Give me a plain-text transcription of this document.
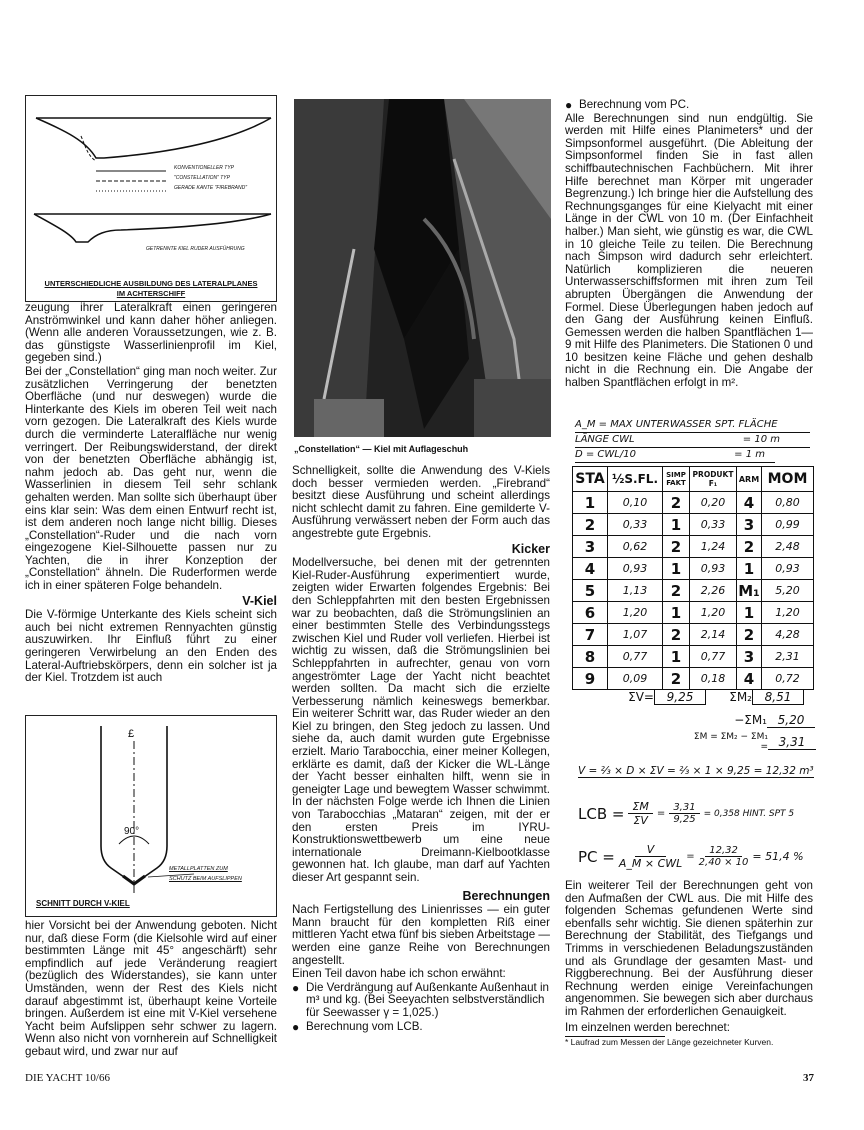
KONVENTIONELLER TYP
"CONSTELLATION" TYP
GERADE KANTE "FIREBRAND"
GETRENNTE KIEL RUDER AUSFÜHRUNG
UNTERSCHIEDLICHE AUSBILDUNG DES LATERALPLANES
IM ACHTERSCHIFF

zeugung ihrer Lateralkraft einen geringeren Anströmwinkel und kann daher höher anliegen. (Wenn alle anderen Voraussetzungen, wie z. B. das günstigste Wasserlinienprofil im Kiel, gegeben sind.)

Bei der „Constellation“ ging man noch weiter. Zur zusätzlichen Verringerung der benetzten Oberfläche (und nur deswegen) wurde die Hinterkante des Kiels im oberen Teil weit nach vorn gezogen. Die Lateralkraft des Kiels wurde durch die verminderte Lateralfläche nur wenig verringert. Der Reibungswiderstand, der direkt von der benetzten Oberfläche abhängig ist, nahm jedoch ab. Das geht nur, wenn die Wasserlinien in diesem Teil sehr schlank gehalten werden. Man sollte sich überhaupt über eins klar sein: Was dem einen Entwurf recht ist, ist dem anderen noch lange nicht billig. Dieses „Constellation“-Ruder und die nach vorn eingezogene Kiel-Silhouette passen nur zu Yachten, die in ihrer Konzeption der „Constellation“ ähneln. Die Ruderformen werde ich in einer späteren Folge behandeln.

V-Kiel

Die V-förmige Unterkante des Kiels scheint sich auch bei nicht extremen Rennyachten günstig auszuwirken. Ihr Einfluß führt zu einer geringeren Verwirbelung an den Enden des Lateral-Auftriebskörpers, denn ein solcher ist ja der Kiel. Trotzdem ist auch

£
90°
METALLPLATTEN ZUM
SCHUTZ BEIM AUFSLIPPEN
SCHNITT DURCH V-KIEL

hier Vorsicht bei der Anwendung geboten. Nicht nur, daß diese Form (die Kielsohle wird auf einer bestimmten Länge mit 45° angeschärft) sehr empfindlich auf jede Veränderung reagiert (bezüglich des Widerstandes), sie kann unter Umständen, wenn der Rest des Kiels nicht darauf abgestimmt ist, überhaupt keine Vorteile bringen. Außerdem ist eine mit V-Kiel versehene Yacht beim Aufslippen sehr schwer zu lagern. Wenn also nicht von vornherein auf Schnelligkeit gebaut wird, und zwar nur auf

„Constellation“ — Kiel mit Auflageschuh

Schnelligkeit, sollte die Anwendung des V-Kiels doch besser vermieden werden. „Firebrand“ besitzt diese Ausführung und scheint allerdings nicht schlecht damit zu fahren. Eine gemilderte V-Ausführung verwässert neben der Form auch das angestrebte gute Ergebnis.

Kicker

Modellversuche, bei denen mit der getrennten Kiel-Ruder-Ausführung experimentiert wurde, zeigten wider Erwarten folgendes Ergebnis: Bei den Schleppfahrten mit den besten Ergebnissen war zu beobachten, daß die Strömungslinien an einer bestimmten Stelle des Verbindungsstegs zwischen Kiel und Ruder voll verliefen. Hierbei ist wichtig zu wissen, daß die Strömungslinien bei Schleppfahrten in aufrechter, genau von vorn angeströmter Lage der Yacht nicht beachtet werden sollten. Da macht sich die erzielte Verbesserung nämlich keineswegs bemerkbar. Ein weiterer Schritt war, das Ruder wieder an den Kiel zu bringen, den Steg jedoch zu lassen. Und siehe da, auch damit wurden gute Ergebnisse erzielt. Mario Tarabocchia, einer meiner Kollegen, erklärte es damit, daß der Kicker die WL-Länge der Yacht besser einhalten hilft, wenn sie in geneigter Lage und bewegtem Wasser schwimmt. In der nächsten Folge werde ich Ihnen die Linien von Tarabocchias „Mataran“ zeigen, mit der er den ersten Preis im IYRU-Konstruktionswettbewerb um eine neue internationale Dreimann-Kielbootklasse gewonnen hat. Ich glaube, man darf auf Yachten dieser Art gespannt sein.

Berechnungen

Nach Fertigstellung des Linienrisses — ein guter Mann braucht für den kompletten Riß einer mittleren Yacht etwa fünf bis sieben Arbeitstage — werden eine ganze Reihe von Berechnungen angestellt.

Einen Teil davon habe ich schon erwähnt:

● Die Verdrängung auf Außenkante Außenhaut in m³ und kg. (Bei Seeyachten selbstverständlich für Seewasser γ = 1,025.)
● Berechnung vom LCB.
● Berechnung vom PC.

Alle Berechnungen sind nun endgültig. Sie werden mit Hilfe eines Planimeters* und der Simpsonformel ausgeführt. (Die Ableitung der Simpsonformel finden Sie in fast allen schiffbautechnischen Fachbüchern. Mit ihrer Hilfe berechnet man Körper mit ungerader Begrenzung.) Ich bringe hier die Aufstellung des Rechnungsganges für eine Kielyacht mit einer Länge in der CWL von 10 m. (Der Einfachheit halber.) Man sieht, wie günstig es war, die CWL in 10 gleiche Teile zu teilen. Die Berechnung nach Simpson wird dadurch sehr erleichtert. Natürlich komplizieren die neueren Unterwasserschiffsformen mit ihren zum Teil abrupten Übergängen die Anwendung der Formel. Diese Überlegungen haben jedoch auf den Gang der Ausführung keinen Einfluß. Gemessen werden die halben Spantflächen 1—9 mit Hilfe des Planimeters. Die Stationen 0 und 10 besitzen keine Fläche und gehen deshalb nicht in die Rechnung ein. Die Angabe der halben Spantflächen erfolgt in m².

A_M = MAX UNTERWASSER SPT. FLÄCHE
LÄNGE CWL	= 10 m
D = CWL/10	= 1 m
STA	½S.FL.	SIMP FAKT	PRODUKT F₁	ARM	MOM
1	0,10	2	0,20	4	0,80
2	0,33	1	0,33	3	0,99
3	0,62	2	1,24	2	2,48
4	0,93	1	0,93	1	0,93
5	1,13	2	2,26	M₁	5,20
6	1,20	1	1,20	1	1,20
7	1,07	2	2,14	2	4,28
8	0,77	1	0,77	3	2,31
9	0,09	2	0,18	4	0,72
ΣV=	9,25	ΣM₂	8,51
−ΣM₁ 5,20
ΣM = ΣM₂ − ΣM₁ = 3,31
V = ⅔ × D × ΣV = ⅔ × 1 × 9,25 = 12,32 m³
LCB = $\frac{\Sigma M}{\Sigma V} = \frac{3,31}{9,25} = 0,358$ HINT. SPT 5
PC =	V
A_M × CWL
= $\frac{12,32}{2,40 \times 10} = 51,4$ %

Ein weiterer Teil der Berechnungen geht von den Aufmaßen der CWL aus. Die mit Hilfe des folgenden Schemas gefundenen Werte sind ebenfalls sehr wichtig. Sie dienen späterhin zur Berechnung der Stabilität, des Tiefgangs und Trimms in verschiedenen Beladungszuständen und als Grundlage der gesamten Mast- und Riggberechnung. Bei der Ausführung dieser Rechnung werden einige Vereinfachungen angenommen. Sie bewegen sich aber durchaus im Rahmen der erforderlichen Genauigkeit.

Im einzelnen werden berechnet:

* Laufrad zum Messen der Länge gezeichneter Kurven.
DIE YACHT 10/66	37
